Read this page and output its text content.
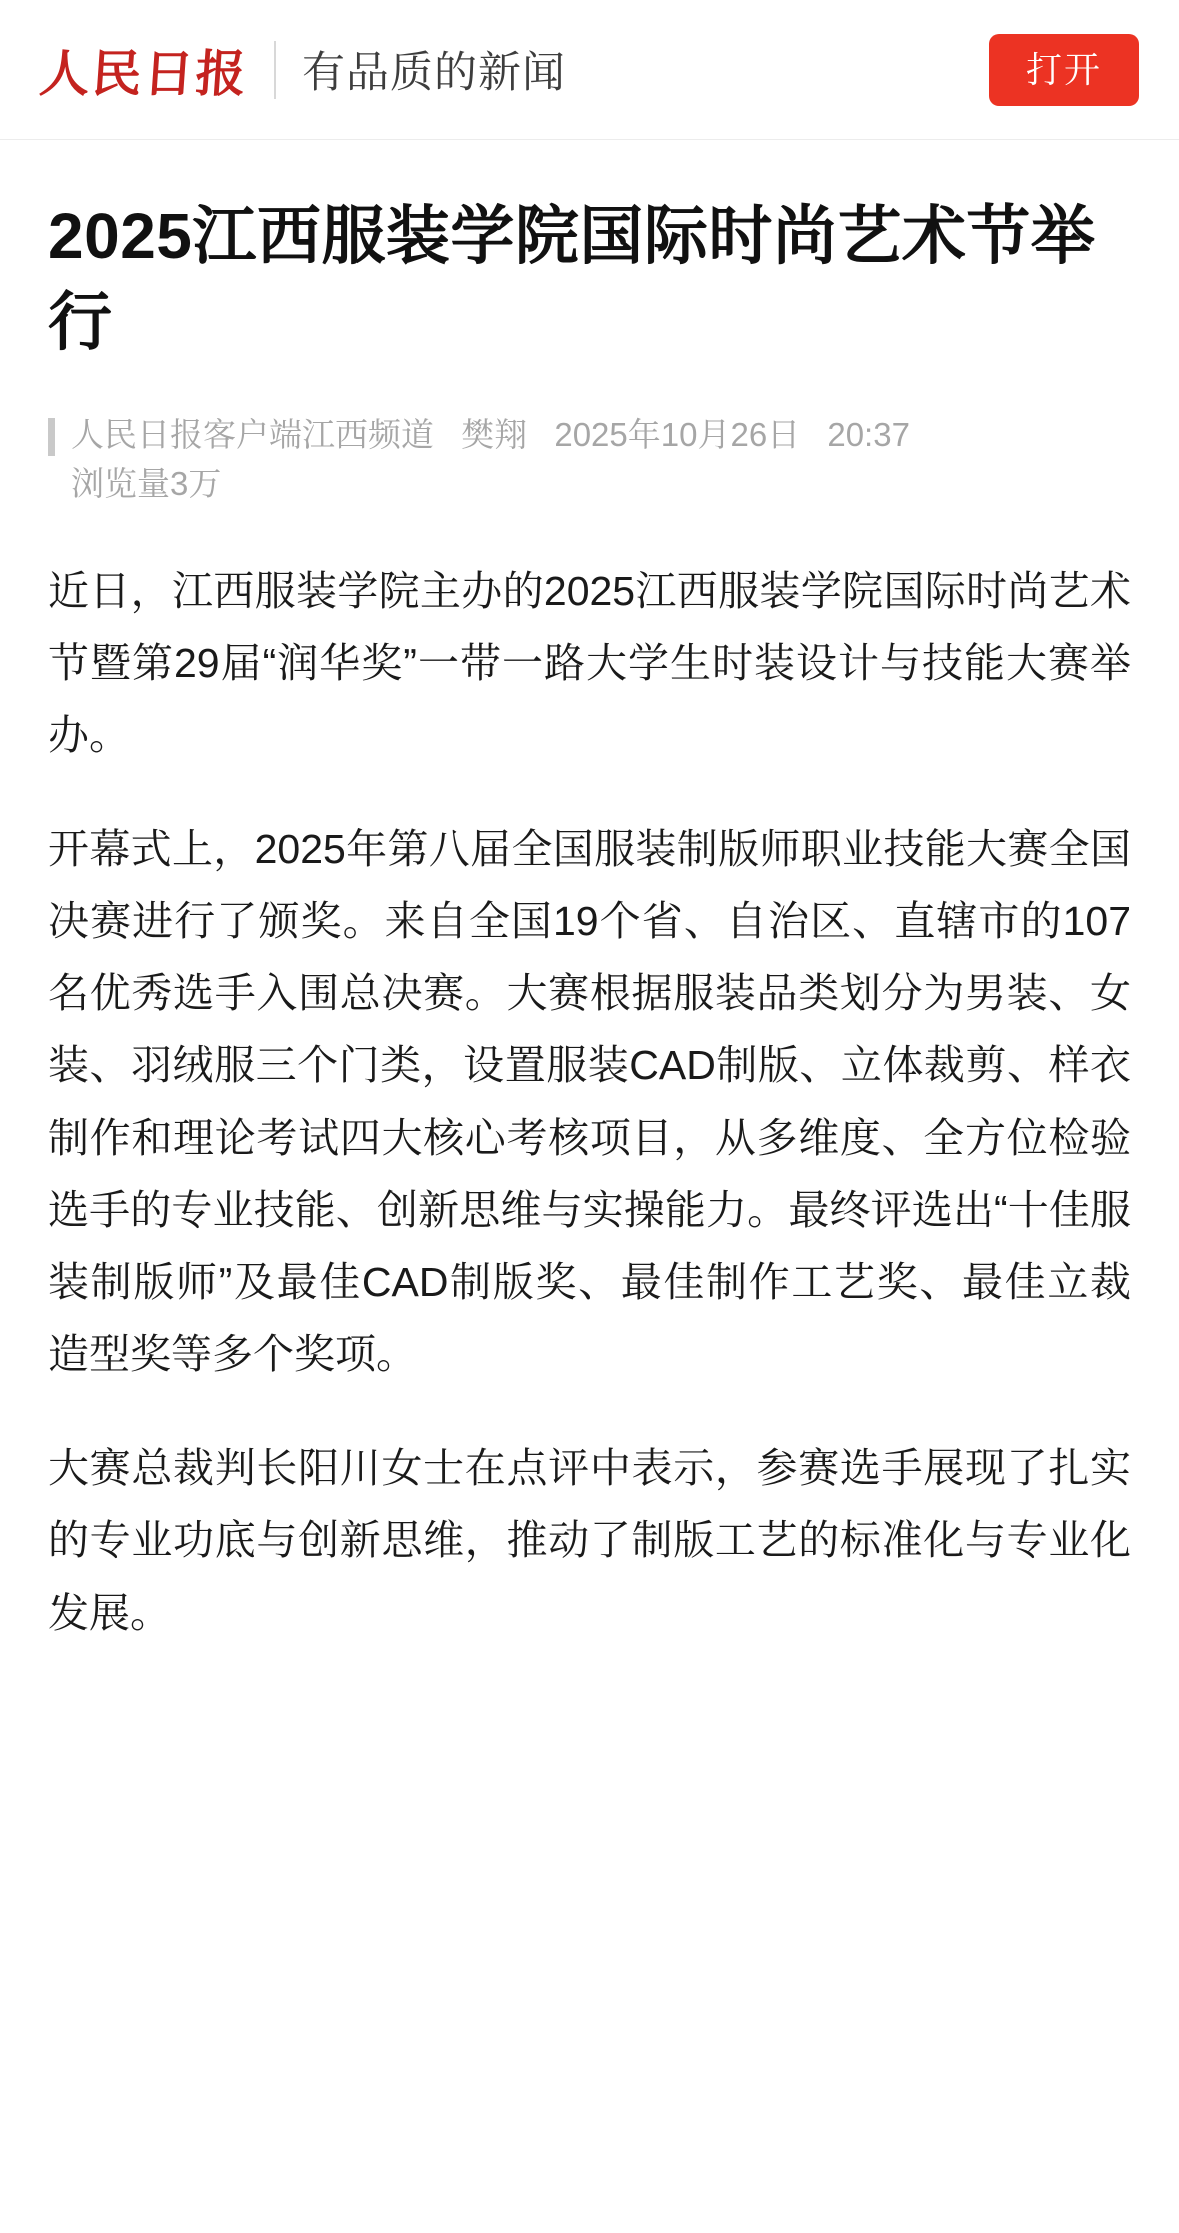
人民日报 有品质的新闻	打开
2025江西服装学院国际时尚艺术节举行
人民日报客户端江西频道 樊翔 2025年10月26日 20:37
浏览量3万

近日，江西服装学院主办的2025江西服装学院国际时尚艺术节暨第29届“润华奖”一带一路大学生时装设计与技能大赛举办。

开幕式上，2025年第八届全国服装制版师职业技能大赛全国决赛进行了颁奖。来自全国19个省、自治区、直辖市的107名优秀选手入围总决赛。大赛根据服装品类划分为男装、女装、羽绒服三个门类，设置服装CAD制版、立体裁剪、样衣制作和理论考试四大核心考核项目，从多维度、全方位检验选手的专业技能、创新思维与实操能力。最终评选出“十佳服装制版师”及最佳CAD制版奖、最佳制作工艺奖、最佳立裁造型奖等多个奖项。

大赛总裁判长阳川女士在点评中表示，参赛选手展现了扎实的专业功底与创新思维，推动了制版工艺的标准化与专业化发展。
